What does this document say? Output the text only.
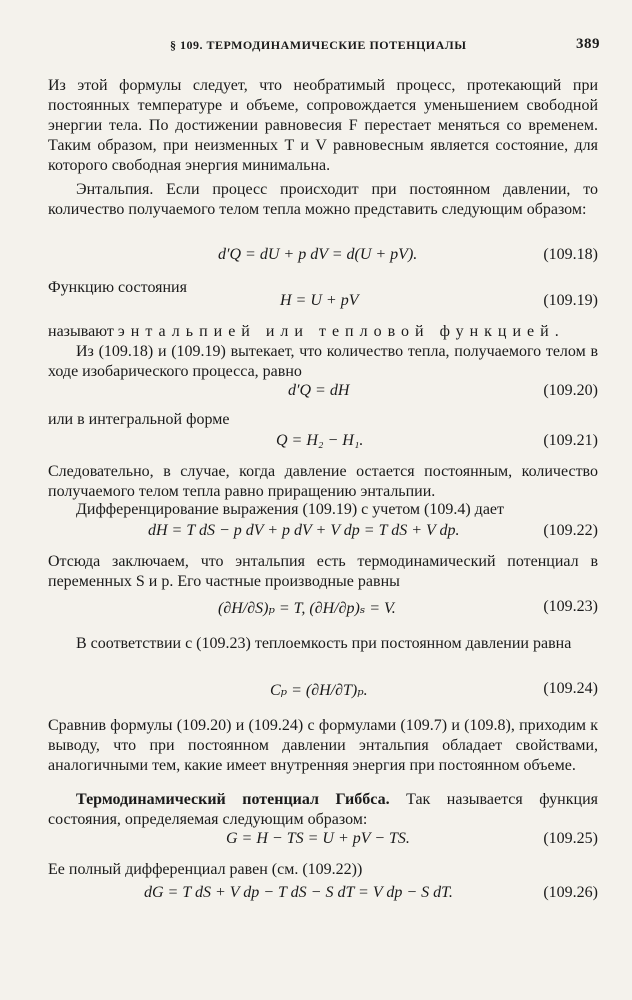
§ 109. ТЕРМОДИНАМИЧЕСКИЕ ПОТЕНЦИАЛЫ	389
Из этой формулы следует, что необратимый процесс, протекающий при постоянных температуре и объеме, сопровождается уменьшением свободной энергии тела. По достижении равновесия F перестает меняться со временем. Таким образом, при неизменных T и V равновесным является состояние, для которого свободная энергия минимальна.
Энтальпия. Если процесс происходит при постоянном давлении, то количество получаемого телом тепла можно представить следующим образом:
d′Q = dU + p dV = d(U + pV).	(109.18)
Функцию состояния
H = U + pV	(109.19)
называют энтальпией или тепловой функцией.
Из (109.18) и (109.19) вытекает, что количество тепла, получаемого телом в ходе изобарического процесса, равно
d′Q = dH	(109.20)
или в интегральной форме
Q = H₂ − H₁.	(109.21)
Следовательно, в случае, когда давление остается постоянным, количество получаемого телом тепла равно приращению энтальпии.
Дифференцирование выражения (109.19) с учетом (109.4) дает
dH = T dS − p dV + p dV + V dp = T dS + V dp.	(109.22)
Отсюда заключаем, что энтальпия есть термодинамический потенциал в переменных S и p. Его частные производные равны
(∂H/∂S)ₚ = T, (∂H/∂p)ₛ = V.	(109.23)
В соответствии с (109.23) теплоемкость при постоянном давлении равна
Cₚ = (∂H/∂T)ₚ.	(109.24)
Сравнив формулы (109.20) и (109.24) с формулами (109.7) и (109.8), приходим к выводу, что при постоянном давлении энтальпия обладает свойствами, аналогичными тем, какие имеет внутренняя энергия при постоянном объеме.
Термодинамический потенциал Гиббса. Так называется функция состояния, определяемая следующим образом:
G = H − TS = U + pV − TS.	(109.25)
Ее полный дифференциал равен (см. (109.22))
dG = T dS + V dp − T dS − S dT = V dp − S dT.	(109.26)
